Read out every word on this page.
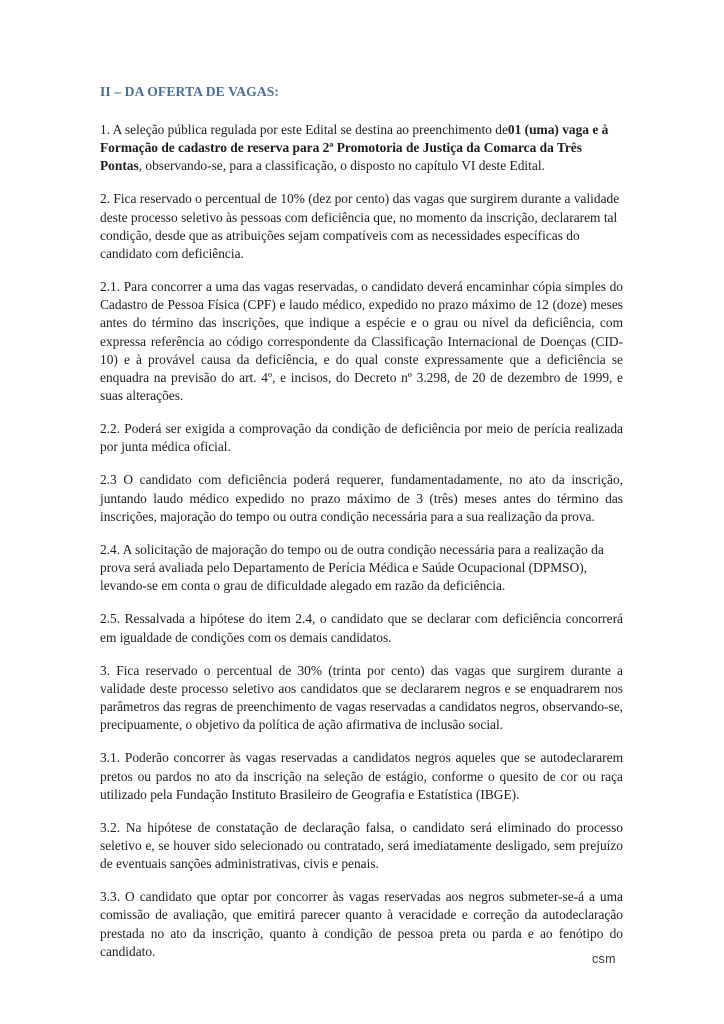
II – DA OFERTA DE VAGAS:

1. A seleção pública regulada por este Edital se destina ao preenchimento de01 (uma) vaga e à Formação de cadastro de reserva para 2ª Promotoria de Justiça da Comarca da Três Pontas, observando-se, para a classificação, o disposto no capítulo VI deste Edital.

2. Fica reservado o percentual de 10% (dez por cento) das vagas que surgirem durante a validade deste processo seletivo às pessoas com deficiência que, no momento da inscrição, declararem tal condição, desde que as atribuições sejam compatíveis com as necessidades específicas do candidato com deficiência.

2.1. Para concorrer a uma das vagas reservadas, o candidato deverá encaminhar cópia simples do Cadastro de Pessoa Física (CPF) e laudo médico, expedido no prazo máximo de 12 (doze) meses antes do término das inscrições, que indique a espécie e o grau ou nível da deficiência, com expressa referência ao código correspondente da Classificação Internacional de Doenças (CID-10) e à provável causa da deficiência, e do qual conste expressamente que a deficiência se enquadra na previsão do art. 4º, e incisos, do Decreto nº 3.298, de 20 de dezembro de 1999, e suas alterações.

2.2. Poderá ser exigida a comprovação da condição de deficiência por meio de perícia realizada por junta médica oficial.

2.3 O candidato com deficiência poderá requerer, fundamentadamente, no ato da inscrição, juntando laudo médico expedido no prazo máximo de 3 (três) meses antes do término das inscrições, majoração do tempo ou outra condição necessária para a sua realização da prova.

2.4. A solicitação de majoração do tempo ou de outra condição necessária para a realização da prova será avaliada pelo Departamento de Perícia Médica e Saúde Ocupacional (DPMSO), levando-se em conta o grau de dificuldade alegado em razão da deficiência.

2.5. Ressalvada a hipótese do item 2.4, o candidato que se declarar com deficiência concorrerá em igualdade de condições com os demais candidatos.

3. Fica reservado o percentual de 30% (trinta por cento) das vagas que surgirem durante a validade deste processo seletivo aos candidatos que se declararem negros e se enquadrarem nos parâmetros das regras de preenchimento de vagas reservadas a candidatos negros, observando-se, precipuamente, o objetivo da política de ação afirmativa de inclusão social.

3.1. Poderão concorrer às vagas reservadas a candidatos negros aqueles que se autodeclararem pretos ou pardos no ato da inscrição na seleção de estágio, conforme o quesito de cor ou raça utilizado pela Fundação Instituto Brasileiro de Geografia e Estatística (IBGE).

3.2. Na hipótese de constatação de declaração falsa, o candidato será eliminado do processo seletivo e, se houver sido selecionado ou contratado, será imediatamente desligado, sem prejuízo de eventuais sanções administrativas, civis e penais.

3.3. O candidato que optar por concorrer às vagas reservadas aos negros submeter-se-á a uma comissão de avaliação, que emitirá parecer quanto à veracidade e correção da autodeclaração prestada no ato da inscrição, quanto à condição de pessoa preta ou parda e ao fenótipo do candidato.

csm
